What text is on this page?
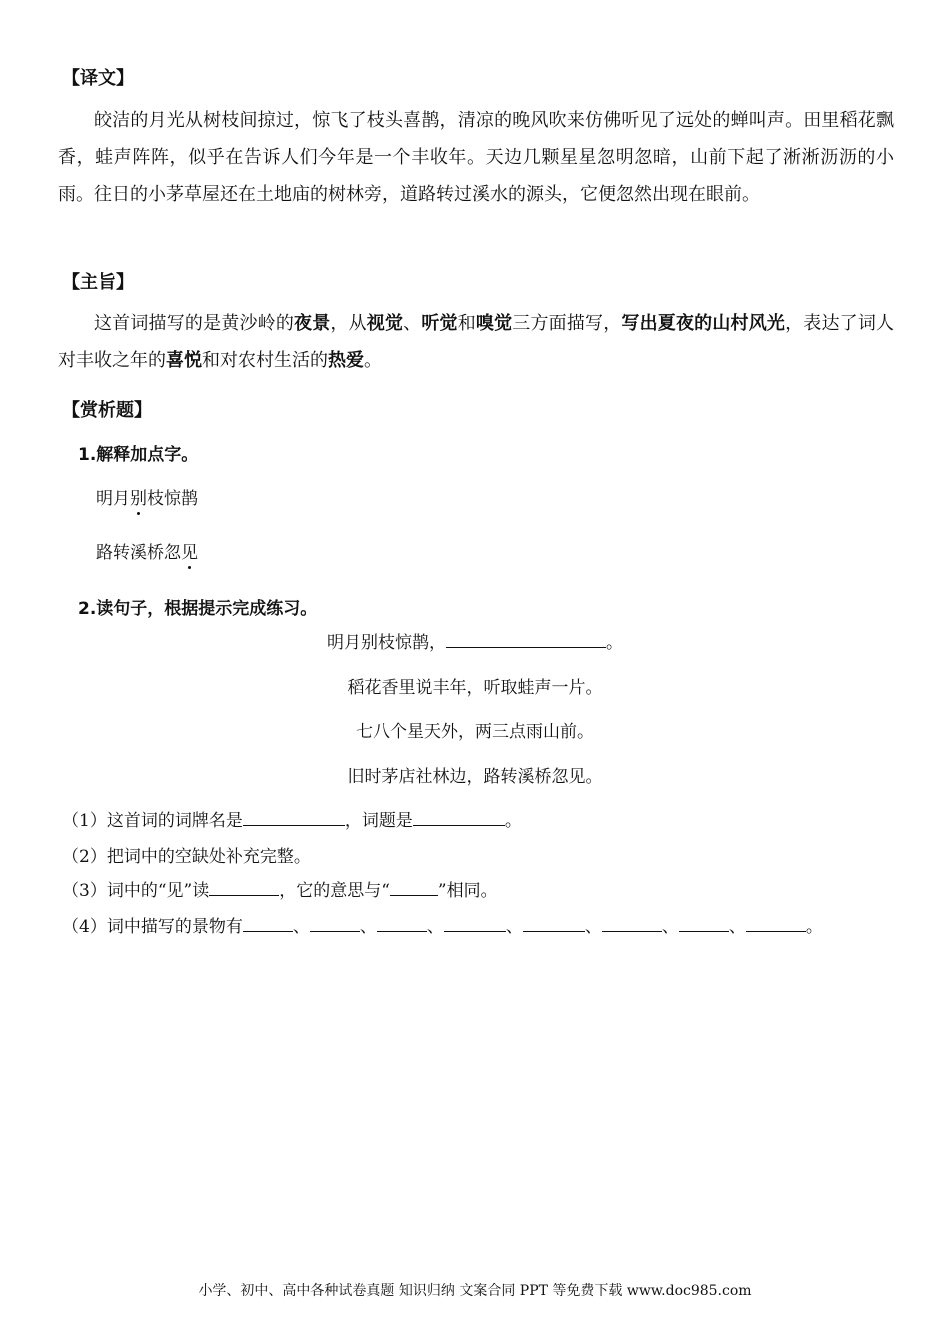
【译文】
皎洁的月光从树枝间掠过，惊飞了枝头喜鹊，清凉的晚风吹来仿佛听见了远处的蝉叫声。田里稻花飘香，蛙声阵阵，似乎在告诉人们今年是一个丰收年。天边几颗星星忽明忽暗，山前下起了淅淅沥沥的小雨。往日的小茅草屋还在土地庙的树林旁，道路转过溪水的源头，它便忽然出现在眼前。
【主旨】
这首词描写的是黄沙岭的夜景，从视觉、听觉和嗅觉三方面描写，写出夏夜的山村风光，表达了词人对丰收之年的喜悦和对农村生活的热爱。
【赏析题】
1.解释加点字。
明月别枝惊鹊
路转溪桥忽见
2.读句子，根据提示完成练习。
明月别枝惊鹊，	。
稻花香里说丰年，听取蛙声一片。
七八个星天外，两三点雨山前。
旧时茅店社林边，路转溪桥忽见。
（1）这首词的词牌名是	，词题是	。
（2）把词中的空缺处补充完整。
（3）词中的“见”读	，它的意思与“	”相同。
（4）词中描写的景物有	、	、	、	、	、	、	、	。
小学、初中、高中各种试卷真题 知识归纳 文案合同 PPT 等免费下载 www.doc985.com
